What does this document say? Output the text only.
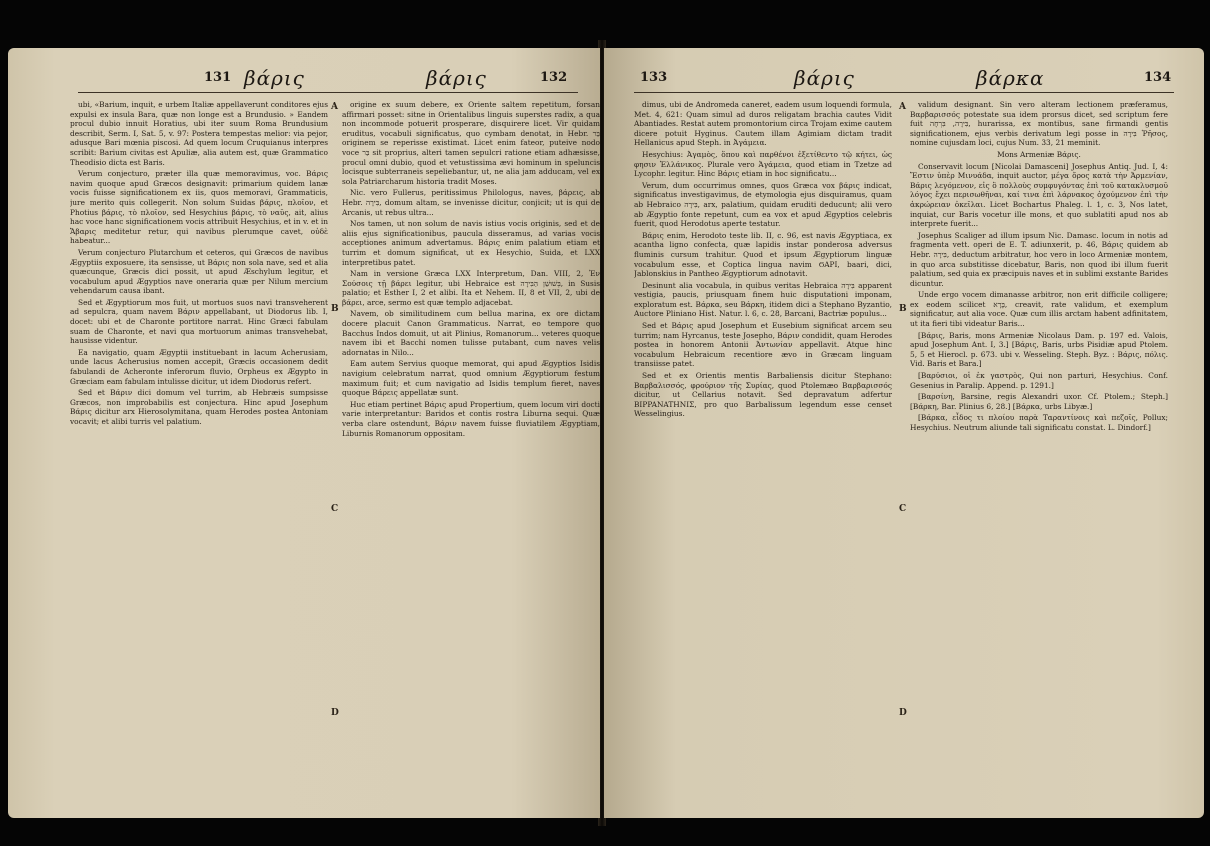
131 βάρις	βάρις	132
A
B
C
D

ubi, «Barium, inquit, e urbem Italiæ appellaverunt conditores ejus expulsi ex insula Bara, quæ non longe est a Brundusio. » Eandem procul dubio innuit Horatius, ubi iter suum Roma Brundusium describit, Serm. I, Sat. 5, v. 97: Postera tempestas melior: via pejor, adusque Bari mœnia piscosi. Ad quem locum Cruquianus interpres scribit: Barium civitas est Apuliæ, alia autem est, quæ Grammatico Theodisio dicta est Baris.

Verum conjecturo, præter illa quæ memoravimus, voc. Βάρις navim quoque apud Græcos designavit: primarium quidem lanæ vocis fuisse significationem ex iis, quos memoravi, Grammaticis, jure merito quis collegerit. Non solum Suidas βάρις, πλοῖον, et Photius βάρις, τὸ πλοῖον, sed Hesychius βάρις, τὸ ναῦς, ait, alius hac voce hanc significationem vocis attribuit Hesychius, et in v. et in Ἄβαρις meditetur retur, qui navibus plerumque cavet, οὐδὲ habeatur...

Verum conjecturo Plutarchum et ceteros, qui Græcos de navibus Ægyptiis exposuere, ita sensisse, ut Βάρις non sola nave, sed et alia quæcunque, Græcis dici possit, ut apud Æschylum legitur, et vocabulum apud Ægyptios nave oneraria quæ per Nilum mercium vehendarum causa ibant.

Sed et Ægyptiorum mos fuit, ut mortuos suos navi transveherent ad sepulcra, quam navem Βάριν appellabant, ut Diodorus lib. I, docet: ubi et de Charonte portitore narrat. Hinc Græci fabulam suam de Charonte, et navi qua mortuorum animas transvehebat, hausisse videntur.

Ea navigatio, quam Ægyptii instituebant in lacum Acherusiam, unde lacus Acherusius nomen accepit, Græcis occasionem dedit fabulandi de Acheronte inferorum fluvio, Orpheus ex Ægypto in Græciam eam fabulam intulisse dicitur, ut idem Diodorus refert.

Sed et Βάριν dici domum vel turrim, ab Hebræis sumpsisse Græcos, non improbabilis est conjectura. Hinc apud Josephum Βάρις dicitur arx Hierosolymitana, quam Herodes postea Antoniam vocavit; et alibi turris vel palatium.

origine ex suum debere, ex Oriente saltem repetitum, forsan affirmari posset: sitne in Orientalibus linguis superstes radix, a qua non incommode potuerit prosperare, disquirere licet. Vir quidam eruditus, vocabuli significatus, quo cymbam denotat, in Hebr. בַּר originem se reperisse existimat. Licet enim fateor, puteive nodo voce בַּר sit proprius, alteri tamen sepulcri ratione etiam adhæsisse, procul omni dubio, quod et vetustissima ævi hominum in speluncis locisque subterraneis sepeliebantur, ut, ne alia jam adducam, vel ex sola Patriarcharum historia tradit Moses.

Nic. vero Fullerus, peritissimus Philologus, naves, βάρεις, ab Hebr. בִּירָה, domum altam, se invenisse dicitur, conjicit; ut is qui de Arcanis, ut rebus ultra...

Nos tamen, ut non solum de navis istius vocis originis, sed et de aliis ejus significationibus, paucula disseramus, ad varias vocis acceptiones animum advertamus. Βάρις enim palatium etiam et turrim et domum significat, ut ex Hesychio, Suida, et LXX interpretibus patet.

Nam in versione Græca LXX Interpretum, Dan. VIII, 2, Ἐν Σούσοις τῇ βάρει legitur, ubi Hebraice est בְּשׁוּשַׁן הַבִּירָה, in Susis palatio; et Esther I, 2 et alibi. Ita et Nehem. II, 8 et VII, 2, ubi de βάρει, arce, sermo est quæ templo adjacebat.

Navem, ob similitudinem cum bellua marina, ex ore dictam docere placuit Canon Grammaticus. Narrat, eo tempore quo Bacchus Indos domuit, ut ait Plinius, Romanorum... veteres quoque navem ibi et Bacchi nomen tulisse putabant, cum naves velis adornatas in Nilo...

Eam autem Servius quoque memorat, qui apud Ægyptios Isidis navigium celebratum narrat, quod omnium Ægyptiorum festum maximum fuit; et cum navigatio ad Isidis templum fieret, naves quoque Βάρεις appellatæ sunt.

Huc etiam pertinet Βάρις apud Propertium, quem locum viri docti varie interpretantur: Baridos et contis rostra Liburna sequi. Quæ verba clare ostendunt, Βάριν navem fuisse fluviatilem Ægyptiam, Liburnis Romanorum oppositam.

133	βάρις	βάρκα	134
A
B
C
D

dimus, ubi de Andromeda caneret, eadem usum loquendi formula, Met. 4, 621: Quam simul ad duros religatam brachia cautes Vidit Abantiades. Restat autem promontorium circa Trojam exime cautem dicere potuit Hyginus. Cautem illam Agimiam dictam tradit Hellanicus apud Steph. in Ἀγάμεια.

Hesychius: Ἀγαμὸς, ὅπου καὶ παρθένοι ἐξετίθεντο τῷ κήτει, ὡς φησιν Ἑλλάνικος. Plurale vero Ἀγάμεια, quod etiam in Tzetze ad Lycophr. legitur. Hinc Βάρις etiam in hoc significatu...

Verum, dum occurrimus omnes, quos Græca vox βάρις indicat, significatus investigavimus, de etymologia ejus disquiramus, quam ab Hebraico בִּירָה, arx, palatium, quidam eruditi deducunt; alii vero ab Ægyptio fonte repetunt, cum ea vox et apud Ægyptios celebris fuerit, quod Herodotus aperte testatur.

Βάρις enim, Herodoto teste lib. II, c. 96, est navis Ægyptiaca, ex acantha ligno confecta, quæ lapidis instar ponderosa adversus fluminis cursum trahitur. Quod et ipsum Ægyptiorum linguæ vocabulum esse, et Coptica lingua navim ϬΑΡΙ, baari, dici, Jablonskius in Pantheo Ægyptiorum adnotavit.

Desinunt alia vocabula, in quibus veritas Hebraica בִּירָה apparent vestigia, paucis, priusquam finem huic disputationi imponam, exploratum est. Βάρκα, seu Βάρκη, itidem dici a Stephano Byzantio, Auctore Pliniano Hist. Natur. l. 6, c. 28, Barcani, Bactriæ populus...

Sed et Βάρις apud Josephum et Eusebium significat arcem seu turrim; nam Hyrcanus, teste Josepho, Βάριν condidit, quam Herodes postea in honorem Antonii Ἀντωνίαν appellavit. Atque hinc vocabulum Hebraicum recentiore ævo in Græcam linguam transiisse patet.

Sed et ex Orientis mentis Barbaliensis dicitur Stephano: Βαρβαλισσός, φρούριον τῆς Συρίας, quod Ptolemæo Βαρβαρισσός dicitur, ut Cellarius notavit. Sed depravatum adfertur BIPPANATHNIΣ, pro quo Barbalissum legendum esse censet Wesselingius.

validum designant. Sin vero alteram lectionem præferamus, Βαρβαρισσός potestate sua idem prorsus dicet, sed scriptum fere fuit בִּירָה, בִּרְחָה, hurarissa, ex montibus, sane firmandi gentis significationem, ejus verbis derivatum legi posse in בִּירָה Ῥῆσος, nomine cujusdam loci, cujus Num. 33, 21 meminit.

Mons Armeniæ Βάρις.

Conservavit locum [Nicolai Damasceni] Josephus Antiq. Jud. I, 4: Ἔστιν ὑπὲρ Μινυάδα, inquit auctor, μέγα ὄρος κατὰ τὴν Ἀρμενίαν, Βάρις λεγόμενον, εἰς ὃ πολλοὺς συμφυγόντας ἐπὶ τοῦ κατακλυσμοῦ λόγος ἔχει περισωθῆναι, καί τινα ἐπὶ λάρνακος ὀχούμενον ἐπὶ τὴν ἀκρώρειαν ὀκεῖλαι. Licet Bochartus Phaleg. l. 1, c. 3, Nos latet, inquiat, cur Baris vocetur ille mons, et quo sublatiti apud nos ab interprete fuerit...

Josephus Scaliger ad illum ipsum Nic. Damasc. locum in notis ad fragmenta vett. operi de E. T. adiunxerit, p. 46, Βάρις quidem ab Hebr. בִּירָה, deductum arbitratur, hoc vero in loco Armeniæ montem, in quo arca substitisse dicebatur, Baris, non quod ibi illum fuerit palatium, sed quia ex præcipuis naves et in sublimi exstante Barides dicuntur.

Unde ergo vocem dimanasse arbitror, non erit difficile colligere; ex eodem scilicet בָּרָא, creavit, rate validum, et exemplum significatur, aut alia voce. Quæ cum illis arctam habent adfinitatem, ut ita fieri tibi videatur Baris...

[Βάρις, Baris, mons Armeniæ Nicolaus Dam. p. 197 ed. Valois, apud Josephum Ant. I, 3.] [Βάρις, Baris, urbs Pisidiæ apud Ptolem. 5, 5 et Hierocl. p. 673. ubi v. Wesseling. Steph. Byz. : Βάρις, πόλις. Vid. Baris et Bara.]

[Βαρύσιοι, οἱ ἐκ γαστρὸς, Qui non parturi, Hesychius. Conf. Gesenius in Paralip. Append. p. 1291.]

[Βαρσίνη, Barsine, regis Alexandri uxor. Cf. Ptolem.; Steph.] [Βάρκη, Bar. Plinius 6, 28.] [Βάρκα, urbs Libyæ.]

[Βάρκα, εἶδος τι πλοίου παρὰ Ταραντίνοις καὶ πεζοῖς, Pollux; Hesychius. Neutrum aliunde tali significatu constat. L. Dindorf.]
